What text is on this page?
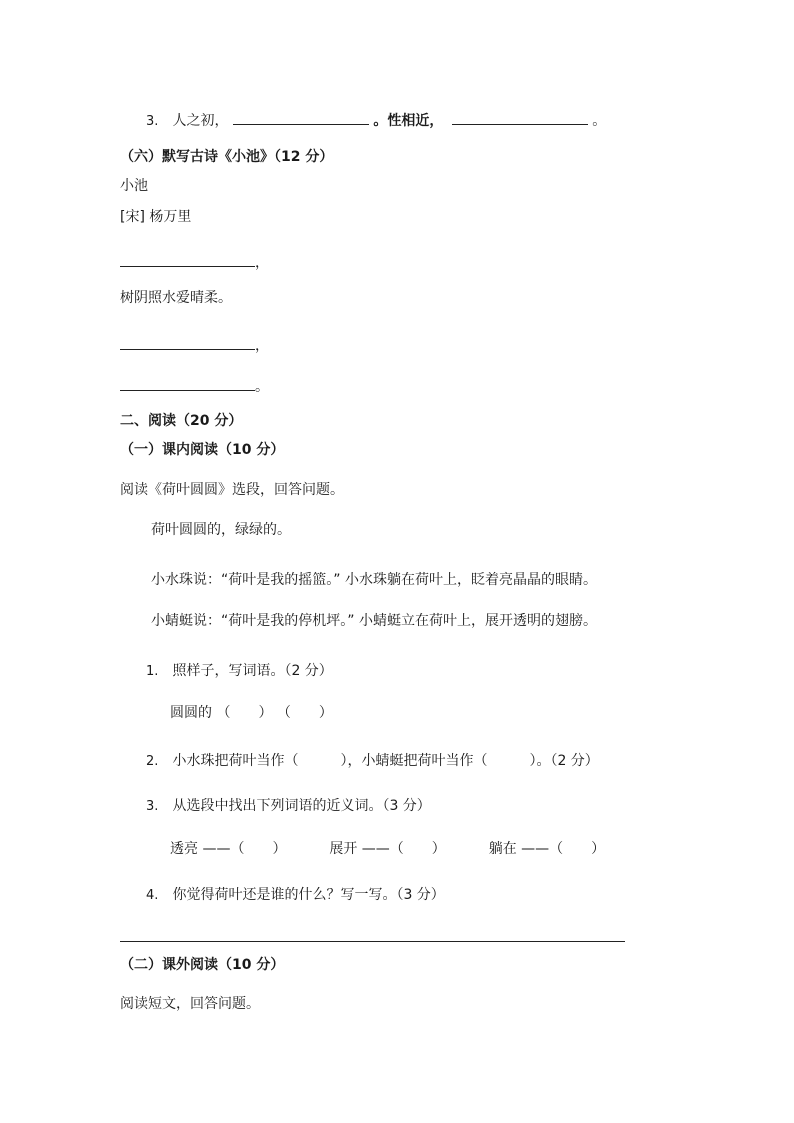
3. 人之初，	。性相近，	。
（六）默写古诗《小池》（12 分）
小池
[宋] 杨万里
，
树阴照水爱晴柔。
，
。
二、阅读（20 分）
（一）课内阅读（10 分）
阅读《荷叶圆圆》选段，回答问题。
荷叶圆圆的，绿绿的。
小水珠说：“荷叶是我的摇篮。” 小水珠躺在荷叶上，眨着亮晶晶的眼睛。
小蜻蜓说：“荷叶是我的停机坪。” 小蜻蜓立在荷叶上，展开透明的翅膀。
1. 照样子，写词语。（2 分）
圆圆的 （　　） （　　）
2. 小水珠把荷叶当作（　　　），小蜻蜓把荷叶当作（　　　）。（2 分）
3. 从选段中找出下列词语的近义词。（3 分）
透亮 ——（　　）	展开 ——（　　）	躺在 ——（　　）
4. 你觉得荷叶还是谁的什么？写一写。（3 分）
（二）课外阅读（10 分）
阅读短文，回答问题。
